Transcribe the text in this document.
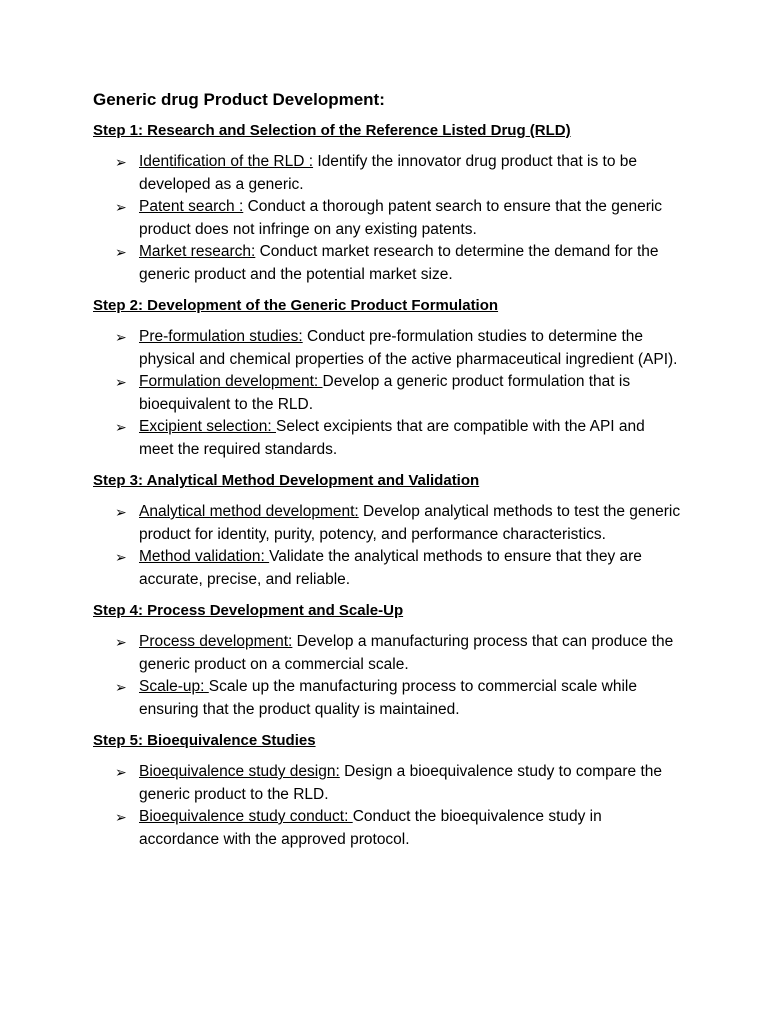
Generic drug Product Development:
Step 1: Research and Selection of the Reference Listed Drug (RLD)
➢ Identification of the RLD : Identify the innovator drug product that is to be developed as a generic.
➢ Patent search : Conduct a thorough patent search to ensure that the generic product does not infringe on any existing patents.
➢ Market research: Conduct market research to determine the demand for the generic product and the potential market size.
Step 2: Development of the Generic Product Formulation
➢ Pre-formulation studies: Conduct pre-formulation studies to determine the physical and chemical properties of the active pharmaceutical ingredient (API).
➢ Formulation development: Develop a generic product formulation that is bioequivalent to the RLD.
➢ Excipient selection: Select excipients that are compatible with the API and meet the required standards.
Step 3: Analytical Method Development and Validation
➢ Analytical method development: Develop analytical methods to test the generic product for identity, purity, potency, and performance characteristics.
➢ Method validation: Validate the analytical methods to ensure that they are accurate, precise, and reliable.
Step 4: Process Development and Scale-Up
➢ Process development: Develop a manufacturing process that can produce the generic product on a commercial scale.
➢ Scale-up: Scale up the manufacturing process to commercial scale while ensuring that the product quality is maintained.
Step 5: Bioequivalence Studies
➢ Bioequivalence study design: Design a bioequivalence study to compare the generic product to the RLD.
➢ Bioequivalence study conduct: Conduct the bioequivalence study in accordance with the approved protocol.
